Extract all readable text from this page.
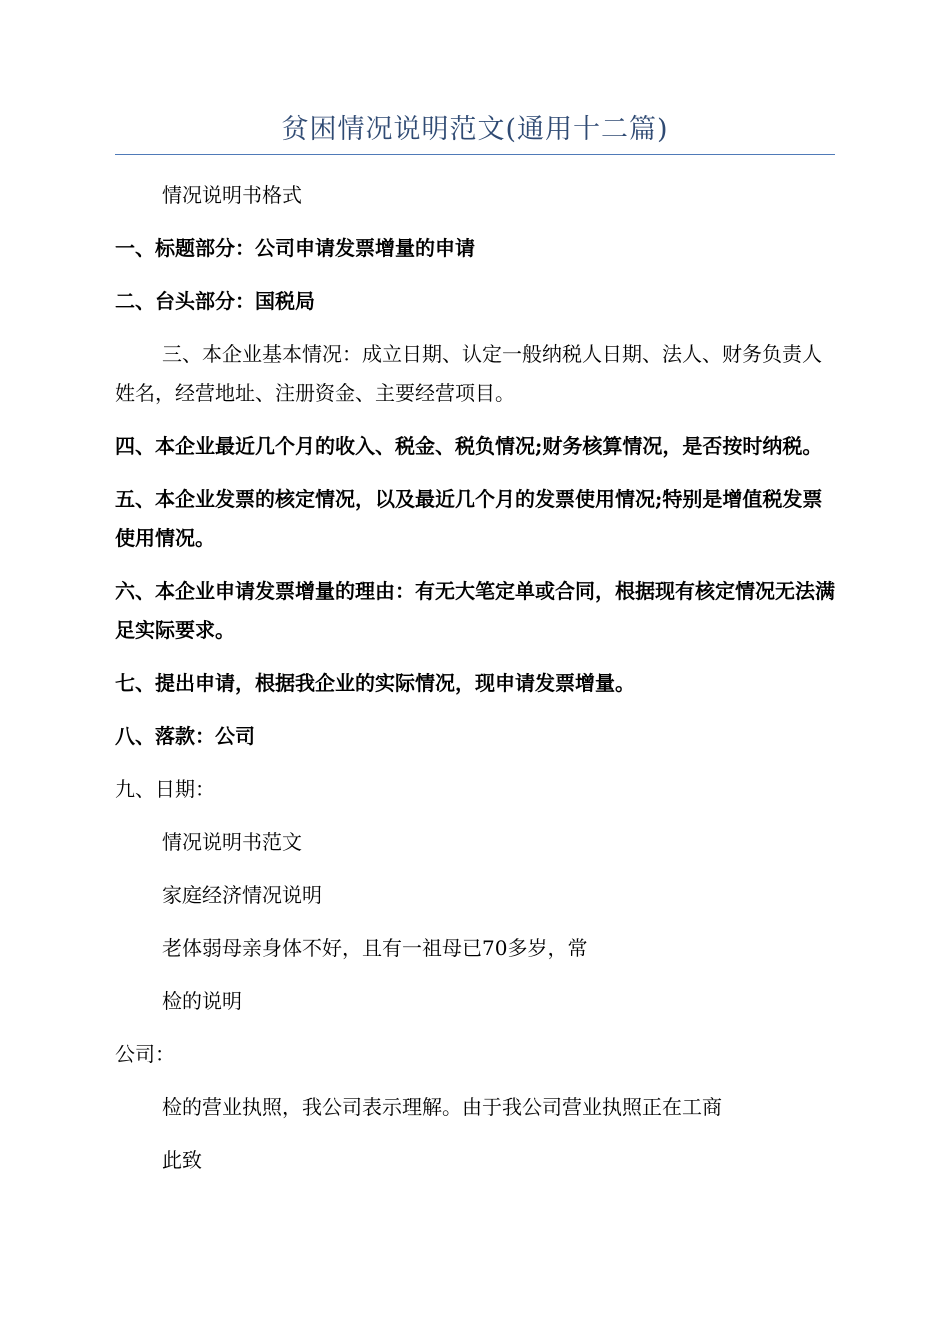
贫困情况说明范文(通用十二篇)

情况说明书格式

一、标题部分：公司申请发票增量的申请

二、台头部分：国税局

三、本企业基本情况：成立日期、认定一般纳税人日期、法人、财务负责人姓名，经营地址、注册资金、主要经营项目。

四、本企业最近几个月的收入、税金、税负情况;财务核算情况，是否按时纳税。

五、本企业发票的核定情况，以及最近几个月的发票使用情况;特别是增值税发票使用情况。

六、本企业申请发票增量的理由：有无大笔定单或合同，根据现有核定情况无法满足实际要求。

七、提出申请，根据我企业的实际情况，现申请发票增量。

八、落款：公司

九、日期：

情况说明书范文

家庭经济情况说明

老体弱母亲身体不好，且有一祖母已70多岁，常

检的说明

公司：

检的营业执照，我公司表示理解。由于我公司营业执照正在工商

此致
